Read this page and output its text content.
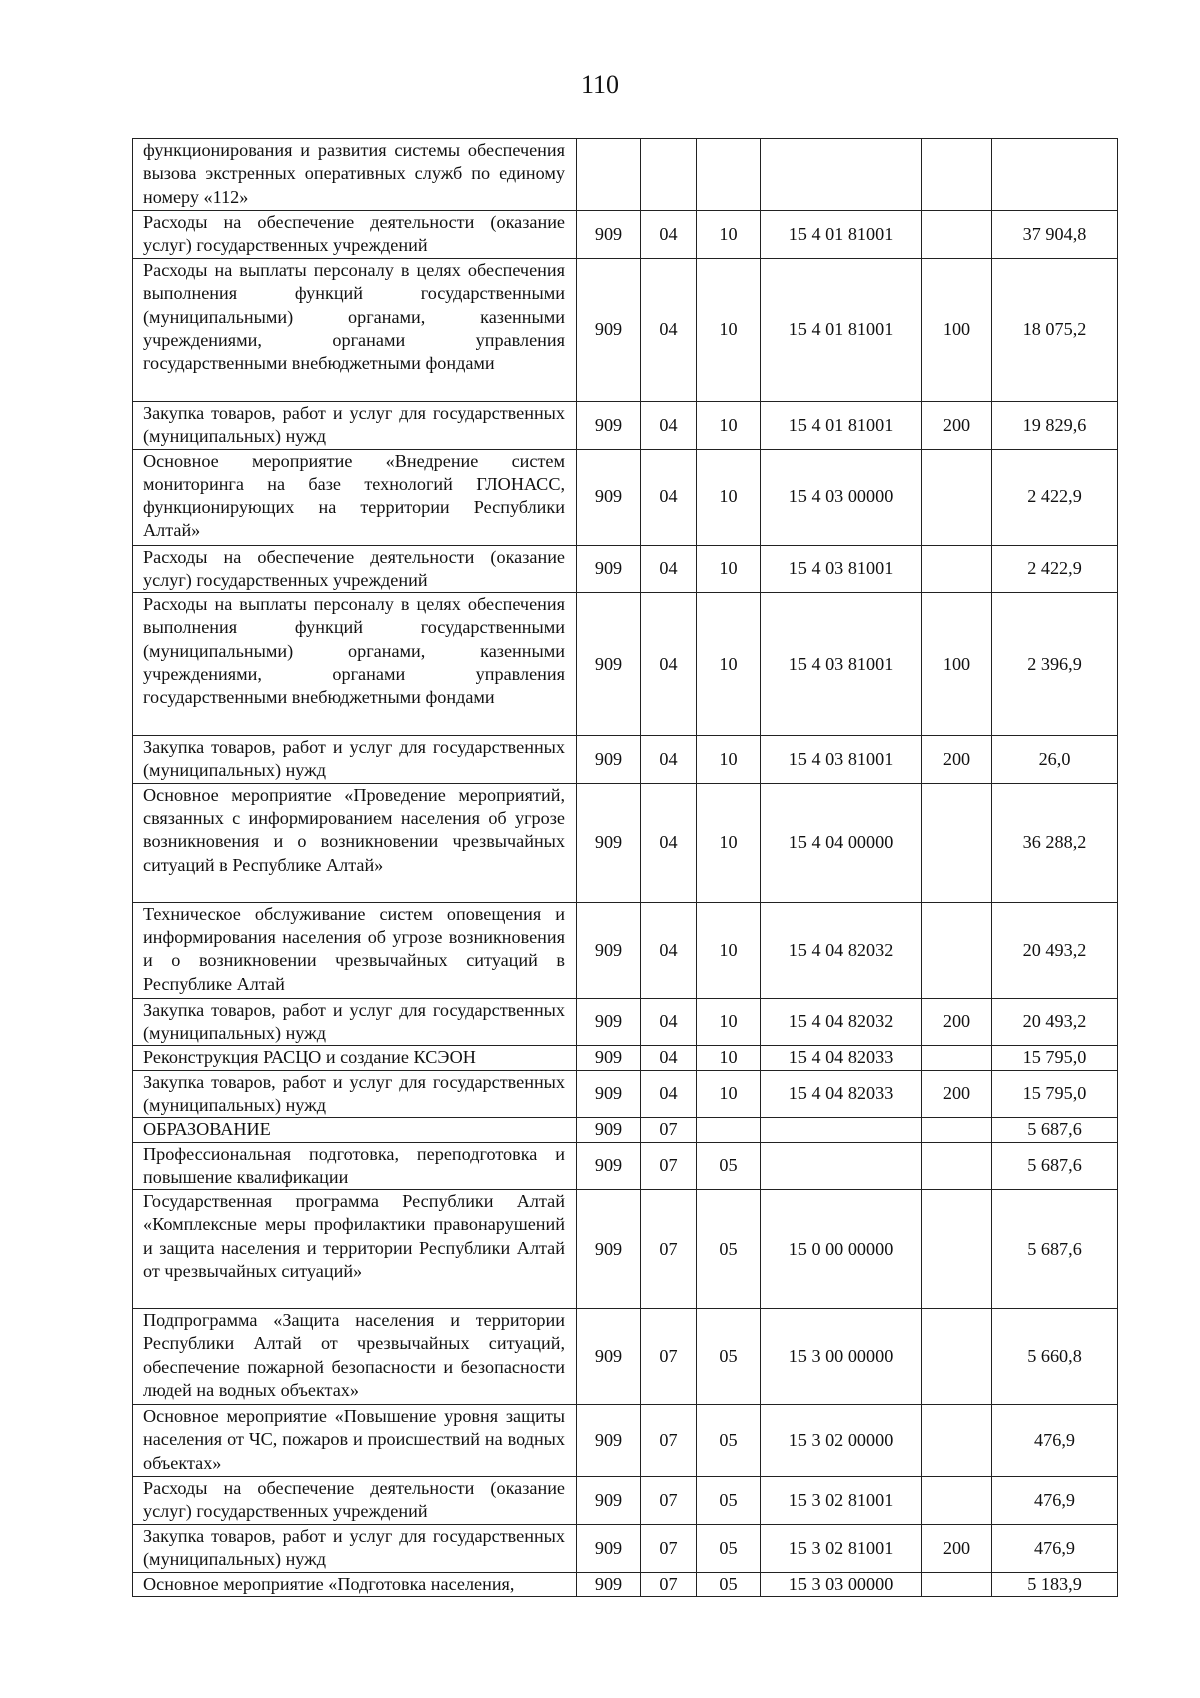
110
функционирования и развития системы обеспечения вызова экстренных оперативных служб по единому номеру «112»						
Расходы на обеспечение деятельности (оказание услуг) государственных учреждений	909	04	10	15 4 01 81001		37 904,8
Расходы на выплаты персоналу в целях обеспечения выполнения функций государственными (муниципальными) органами, казенными учреждениями, органами управления государственными внебюджетными фондами	909	04	10	15 4 01 81001	100	18 075,2
Закупка товаров, работ и услуг для государственных (муниципальных) нужд	909	04	10	15 4 01 81001	200	19 829,6
Основное мероприятие «Внедрение систем мониторинга на базе технологий ГЛОНАСС, функционирующих на территории Республики Алтай»	909	04	10	15 4 03 00000		2 422,9
Расходы на обеспечение деятельности (оказание услуг) государственных учреждений	909	04	10	15 4 03 81001		2 422,9
Расходы на выплаты персоналу в целях обеспечения выполнения функций государственными (муниципальными) органами, казенными учреждениями, органами управления государственными внебюджетными фондами	909	04	10	15 4 03 81001	100	2 396,9
Закупка товаров, работ и услуг для государственных (муниципальных) нужд	909	04	10	15 4 03 81001	200	26,0
Основное мероприятие «Проведение мероприятий, связанных с информированием населения об угрозе возникновения и о возникновении чрезвычайных ситуаций в Республике Алтай»	909	04	10	15 4 04 00000		36 288,2
Техническое обслуживание систем оповещения и информирования населения об угрозе возникновения и о возникновении чрезвычайных ситуаций в Республике Алтай	909	04	10	15 4 04 82032		20 493,2
Закупка товаров, работ и услуг для государственных (муниципальных) нужд	909	04	10	15 4 04 82032	200	20 493,2
Реконструкция РАСЦО и создание КСЭОН	909	04	10	15 4 04 82033		15 795,0
Закупка товаров, работ и услуг для государственных (муниципальных) нужд	909	04	10	15 4 04 82033	200	15 795,0
ОБРАЗОВАНИЕ	909	07				5 687,6
Профессиональная подготовка, переподготовка и повышение квалификации	909	07	05			5 687,6
Государственная программа Республики Алтай «Комплексные меры профилактики правонарушений и защита населения и территории Республики Алтай от чрезвычайных ситуаций»	909	07	05	15 0 00 00000		5 687,6
Подпрограмма «Защита населения и территории Республики Алтай от чрезвычайных ситуаций, обеспечение пожарной безопасности и безопасности людей на водных объектах»	909	07	05	15 3 00 00000		5 660,8
Основное мероприятие «Повышение уровня защиты населения от ЧС, пожаров и происшествий на водных объектах»	909	07	05	15 3 02 00000		476,9
Расходы на обеспечение деятельности (оказание услуг) государственных учреждений	909	07	05	15 3 02 81001		476,9
Закупка товаров, работ и услуг для государственных (муниципальных) нужд	909	07	05	15 3 02 81001	200	476,9
Основное мероприятие «Подготовка населения,	909	07	05	15 3 03 00000		5 183,9
